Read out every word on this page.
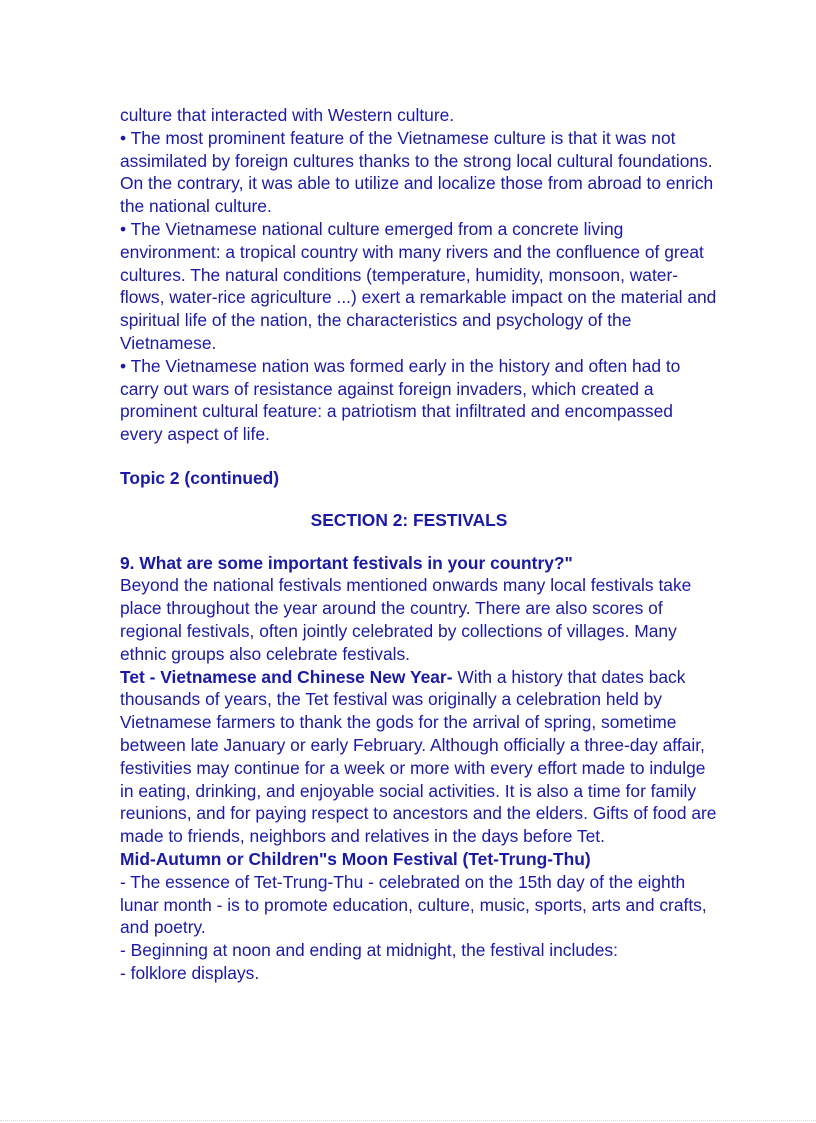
culture that interacted with Western culture.

• The most prominent feature of the Vietnamese culture is that it was not assimilated by foreign cultures thanks to the strong local cultural foundations. On the contrary, it was able to utilize and localize those from abroad to enrich the national culture.

• The Vietnamese national culture emerged from a concrete living environment: a tropical country with many rivers and the confluence of great cultures. The natural conditions (temperature, humidity, monsoon, water-flows, water-rice agriculture ...) exert a remarkable impact on the material and spiritual life of the nation, the characteristics and psychology of the Vietnamese.

• The Vietnamese nation was formed early in the history and often had to carry out wars of resistance against foreign invaders, which created a prominent cultural feature: a patriotism that infiltrated and encompassed every aspect of life.

Topic 2 (continued)

SECTION 2: FESTIVALS

9. What are some important festivals in your country?"

Beyond the national festivals mentioned onwards many local festivals take place throughout the year around the country. There are also scores of regional festivals, often jointly celebrated by collections of villages. Many ethnic groups also celebrate festivals.

Tet - Vietnamese and Chinese New Year- With a history that dates back thousands of years, the Tet festival was originally a celebration held by Vietnamese farmers to thank the gods for the arrival of spring, sometime between late January or early February. Although officially a three-day affair, festivities may continue for a week or more with every effort made to indulge in eating, drinking, and enjoyable social activities. It is also a time for family reunions, and for paying respect to ancestors and the elders. Gifts of food are made to friends, neighbors and relatives in the days before Tet.

Mid-Autumn or Children"s Moon Festival (Tet-Trung-Thu)

- The essence of Tet-Trung-Thu - celebrated on the 15th day of the eighth lunar month - is to promote education, culture, music, sports, arts and crafts, and poetry.

- Beginning at noon and ending at midnight, the festival includes:

- folklore displays.
